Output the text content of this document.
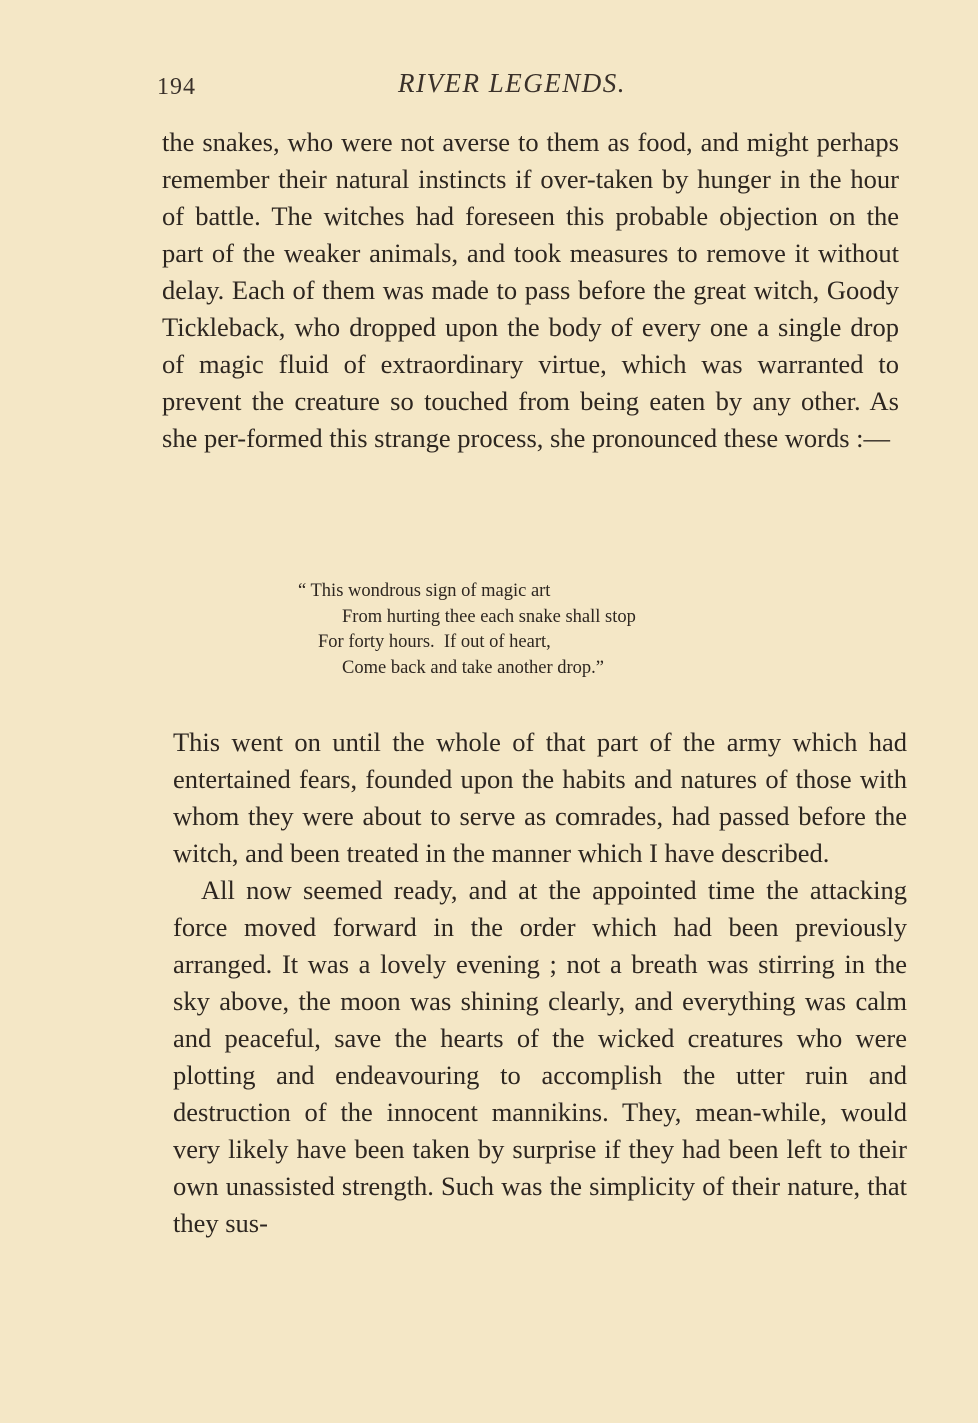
194	RIVER LEGENDS.

the snakes, who were not averse to them as food, and might perhaps remember their natural instincts if over-taken by hunger in the hour of battle. The witches had foreseen this probable objection on the part of the weaker animals, and took measures to remove it without delay. Each of them was made to pass before the great witch, Goody Tickleback, who dropped upon the body of every one a single drop of magic fluid of extraordinary virtue, which was warranted to prevent the creature so touched from being eaten by any other. As she per-formed this strange process, she pronounced these words :—

“ This wondrous sign of magic art
From hurting thee each snake shall stop
For forty hours.  If out of heart,
Come back and take another drop.”

This went on until the whole of that part of the army which had entertained fears, founded upon the habits and natures of those with whom they were about to serve as comrades, had passed before the witch, and been treated in the manner which I have described.

All now seemed ready, and at the appointed time the attacking force moved forward in the order which had been previously arranged. It was a lovely evening ; not a breath was stirring in the sky above, the moon was shining clearly, and everything was calm and peaceful, save the hearts of the wicked creatures who were plotting and endeavouring to accomplish the utter ruin and destruction of the innocent mannikins. They, mean-while, would very likely have been taken by surprise if they had been left to their own unassisted strength. Such was the simplicity of their nature, that they sus-
